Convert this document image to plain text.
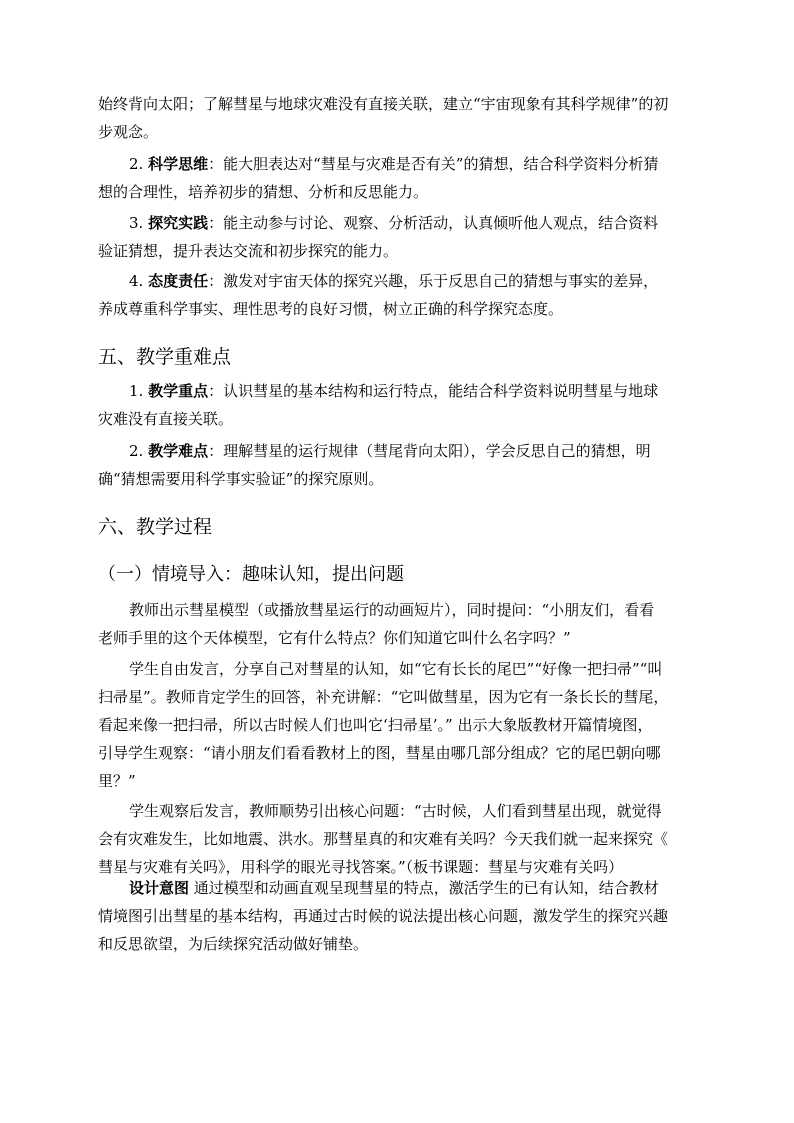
始终背向太阳；了解彗星与地球灾难没有直接关联，建立“宇宙现象有其科学规律”的初
步观念。

2. 科学思维：能大胆表达对“彗星与灾难是否有关”的猜想，结合科学资料分析猜
想的合理性，培养初步的猜想、分析和反思能力。

3. 探究实践：能主动参与讨论、观察、分析活动，认真倾听他人观点，结合资料
验证猜想，提升表达交流和初步探究的能力。

4. 态度责任：激发对宇宙天体的探究兴趣，乐于反思自己的猜想与事实的差异，
养成尊重科学事实、理性思考的良好习惯，树立正确的科学探究态度。

五、教学重难点

1. 教学重点：认识彗星的基本结构和运行特点，能结合科学资料说明彗星与地球
灾难没有直接关联。

2. 教学难点：理解彗星的运行规律（彗尾背向太阳），学会反思自己的猜想，明
确“猜想需要用科学事实验证”的探究原则。

六、教学过程
（一）情境导入：趣味认知，提出问题

教师出示彗星模型（或播放彗星运行的动画短片），同时提问：“小朋友们，看看
老师手里的这个天体模型，它有什么特点？你们知道它叫什么名字吗？”

学生自由发言，分享自己对彗星的认知，如“它有长长的尾巴”“好像一把扫帚”“叫
扫帚星”。教师肯定学生的回答，补充讲解：“它叫做彗星，因为它有一条长长的彗尾，
看起来像一把扫帚，所以古时候人们也叫它‘扫帚星’。” 出示大象版教材开篇情境图，
引导学生观察：“请小朋友们看看教材上的图，彗星由哪几部分组成？它的尾巴朝向哪
里？”

学生观察后发言，教师顺势引出核心问题：“古时候，人们看到彗星出现，就觉得
会有灾难发生，比如地震、洪水。那彗星真的和灾难有关吗？今天我们就一起来探究《
彗星与灾难有关吗》，用科学的眼光寻找答案。”（板书课题：彗星与灾难有关吗）

设计意图 通过模型和动画直观呈现彗星的特点，激活学生的已有认知，结合教材
情境图引出彗星的基本结构，再通过古时候的说法提出核心问题，激发学生的探究兴趣
和反思欲望，为后续探究活动做好铺垫。
